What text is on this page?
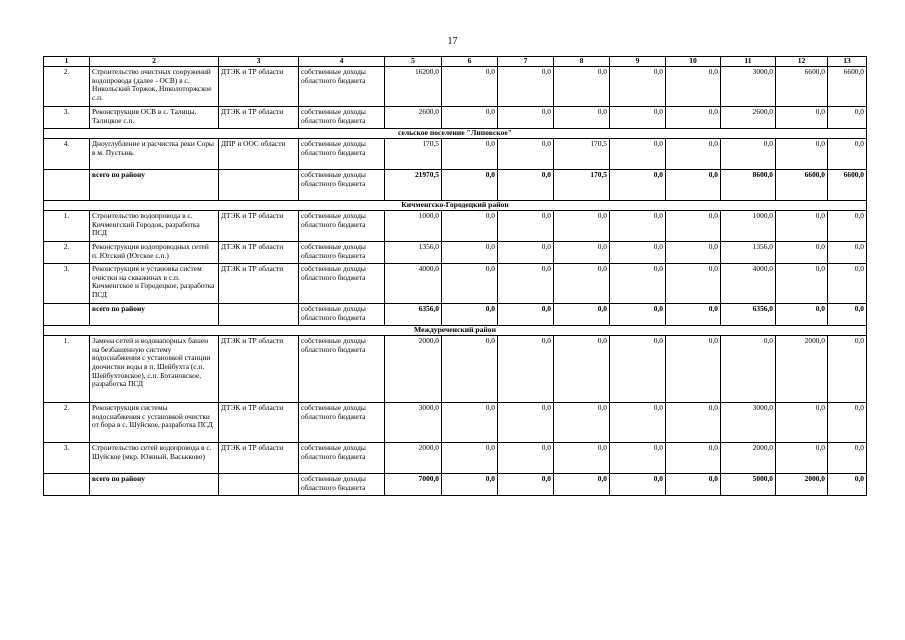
17
1	2	3	4	5	6	7	8	9	10	11	12	13
2.	Строительство очистных сооружений водопровода (далее - ОСВ) в с. Никольский Торжок, Николоторжское с.п.	ДТЭК и ТР области	собственные доходы областного бюджета	16200,0	0,0	0,0	0,0	0,0	0,0	3000,0	6600,0	6600,0
3.	Реконструкция ОСВ в с. Талицы, Талицкое с.п.	ДТЭК и ТР области	собственные доходы областного бюджета	2600,0	0,0	0,0	0,0	0,0	0,0	2600,0	0,0	0,0
сельское поселение "Липовское"												
4.	Дноуглубление и расчистка реки Соры в м. Пустынь	ДПР и ООС области	собственные доходы областного бюджета	170,5	0,0	0,0	170,5	0,0	0,0	0,0	0,0	0,0
	всего по району		собственные доходы областного бюджета	21970,5	0,0	0,0	170,5	0,0	0,0	8600,0	6600,0	6600,0
Кичменгско-Городецкий район												
1.	Строительство водопровода в с. Кичменгский Городок, разработка ПСД	ДТЭК и ТР области	собственные доходы областного бюджета	1000,0	0,0	0,0	0,0	0,0	0,0	1000,0	0,0	0,0
2.	Реконструкция водопроводных сетей п. Югский (Югское с.п.)	ДТЭК и ТР области	собственные доходы областного бюджета	1356,0	0,0	0,0	0,0	0,0	0,0	1356,0	0,0	0,0
3.	Реконструкция и установка систем очистки на скважинах в с.п. Кичменгское и Городецкое, разработка ПСД	ДТЭК и ТР области	собственные доходы областного бюджета	4000,0	0,0	0,0	0,0	0,0	0,0	4000,0	0,0	0,0
	всего по району		собственные доходы областного бюджета	6356,0	0,0	0,0	0,0	0,0	0,0	6356,0	0,0	0,0
Междуреченский район												
1.	Замена сетей и водонапорных башен на безбашенную систему водоснабжения с установкой станции доочистки воды в п. Шейбухта (с.п. Шейбухтовское), с.п. Ботановское, разработка ПСД	ДТЭК и ТР области	собственные доходы областного бюджета	2000,0	0,0	0,0	0,0	0,0	0,0	0,0	2000,0	0,0
2.	Реконструкция системы водоснабжения с установкой очистки от бора в с. Шуйское, разработка ПСД	ДТЭК и ТР области	собственные доходы областного бюджета	3000,0	0,0	0,0	0,0	0,0	0,0	3000,0	0,0	0,0
3.	Строительство сетей водопровода в с. Шуйское (мкр. Южный, Васькково)	ДТЭК и ТР области	собственные доходы областного бюджета	2000,0	0,0	0,0	0,0	0,0	0,0	2000,0	0,0	0,0
	всего по району		собственные доходы областного бюджета	7000,0	0,0	0,0	0,0	0,0	0,0	5000,0	2000,0	0,0
